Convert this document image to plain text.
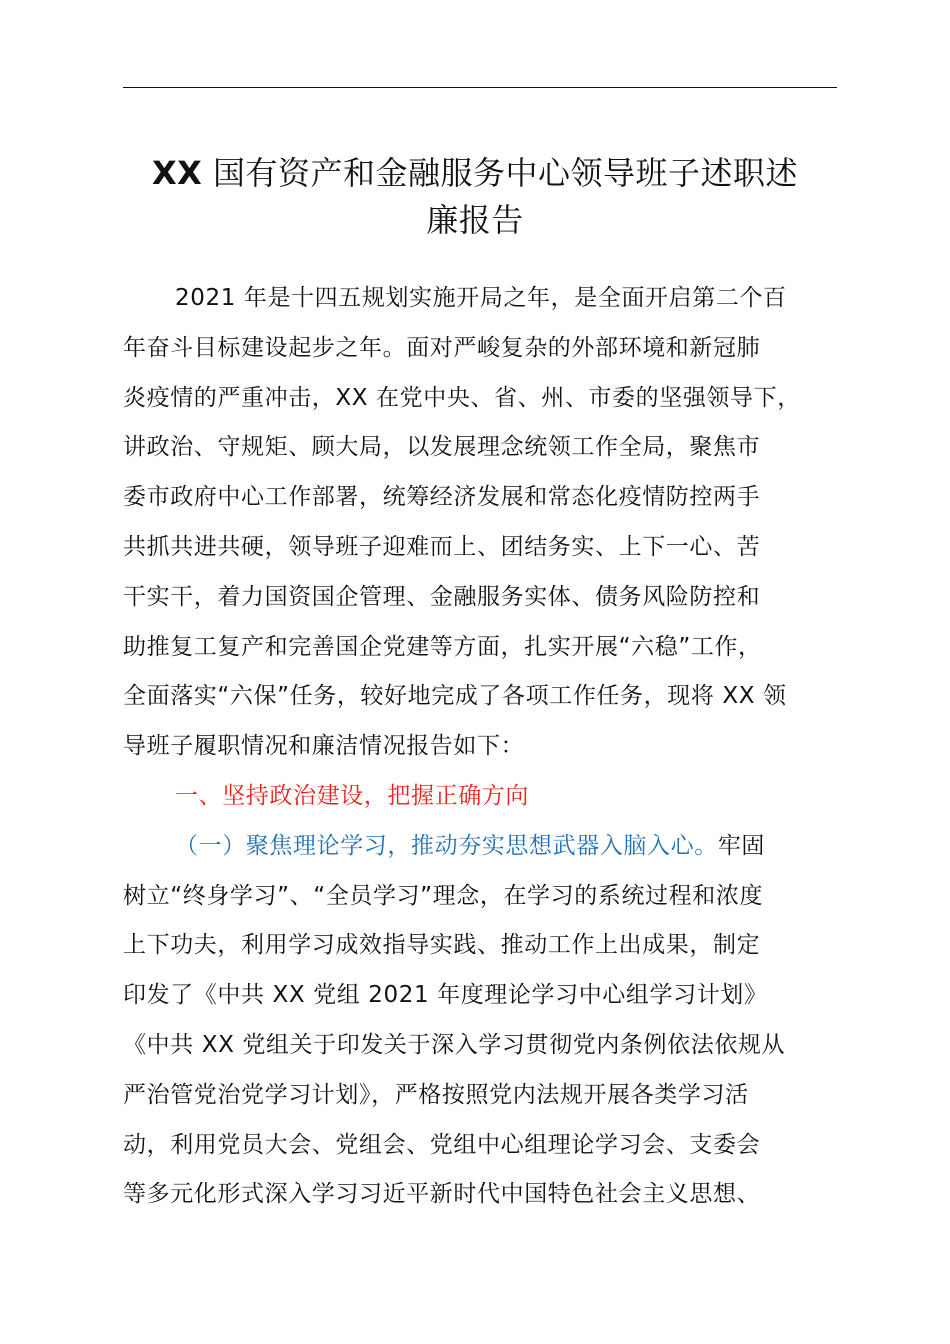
XX 国有资产和金融服务中心领导班子述职述
廉报告
2021 年是十四五规划实施开局之年，是全面开启第二个百
年奋斗目标建设起步之年。面对严峻复杂的外部环境和新冠肺
炎疫情的严重冲击，XX 在党中央、省、州、市委的坚强领导下，
讲政治、守规矩、顾大局，以发展理念统领工作全局，聚焦市
委市政府中心工作部署，统筹经济发展和常态化疫情防控两手
共抓共进共硬，领导班子迎难而上、团结务实、上下一心、苦
干实干，着力国资国企管理、金融服务实体、债务风险防控和
助推复工复产和完善国企党建等方面，扎实开展“六稳”工作，
全面落实“六保”任务，较好地完成了各项工作任务，现将 XX 领
导班子履职情况和廉洁情况报告如下：
一、坚持政治建设，把握正确方向
（一）聚焦理论学习，推动夯实思想武器入脑入心。牢固
树立“终身学习”、“全员学习”理念，在学习的系统过程和浓度
上下功夫，利用学习成效指导实践、推动工作上出成果，制定
印发了《中共 XX 党组 2021 年度理论学习中心组学习计划》
《中共 XX 党组关于印发关于深入学习贯彻党内条例依法依规从
严治管党治党学习计划》，严格按照党内法规开展各类学习活
动，利用党员大会、党组会、党组中心组理论学习会、支委会
等多元化形式深入学习习近平新时代中国特色社会主义思想、
